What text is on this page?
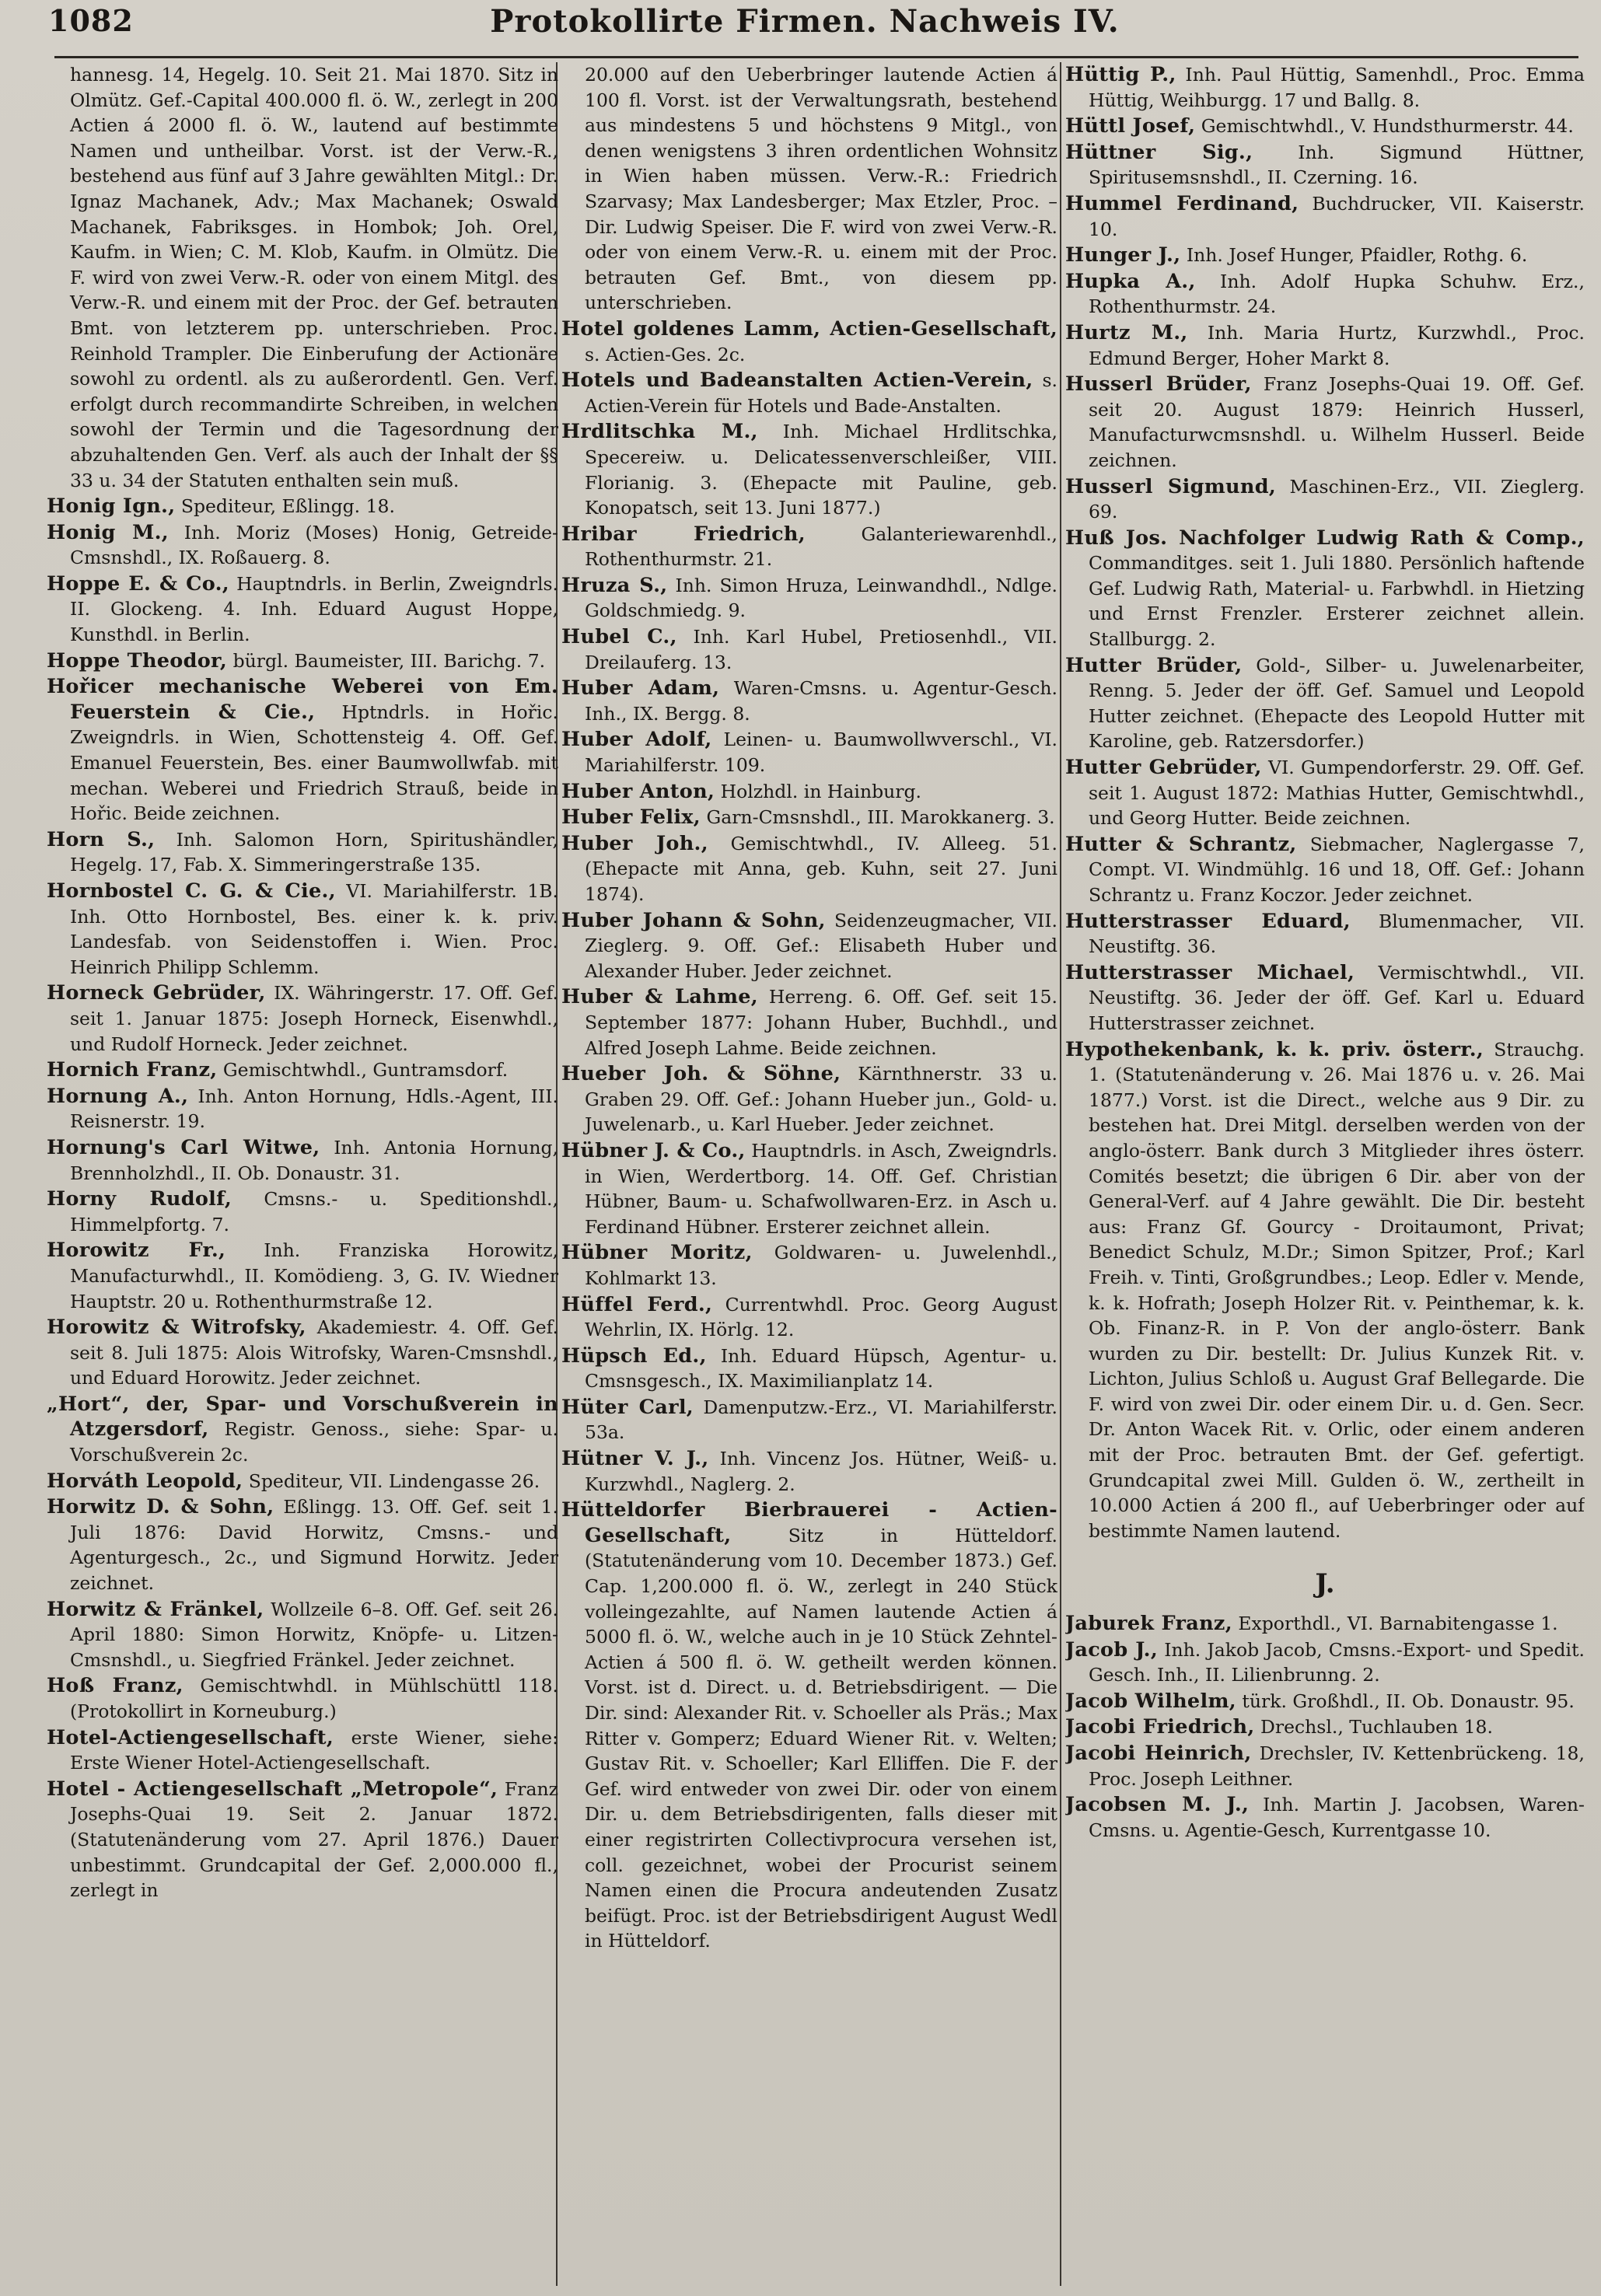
1082	Protokollirte Firmen. Nachweis IV.

hannesg. 14, Hegelg. 10. Seit 21. Mai 1870. Sitz in Olmütz. Gef.-Capital 400.000 fl. ö. W., zerlegt in 200 Actien á 2000 fl. ö. W., lautend auf bestimmte Namen und untheilbar. Vorst. ist der Verw.-R., bestehend aus fünf auf 3 Jahre gewählten Mitgl.: Dr. Ignaz Machanek, Adv.; Max Machanek; Oswald Machanek, Fabriksges. in Hombok; Joh. Orel, Kaufm. in Wien; C. M. Klob, Kaufm. in Olmütz. Die F. wird von zwei Verw.-R. oder von einem Mitgl. des Verw.-R. und einem mit der Proc. der Gef. betrauten Bmt. von letzterem pp. unterschrieben. Proc. Reinhold Trampler. Die Einberufung der Actionäre sowohl zu ordentl. als zu außerordentl. Gen. Verf. erfolgt durch recommandirte Schreiben, in welchen sowohl der Termin und die Tagesordnung der abzuhaltenden Gen. Verf. als auch der Inhalt der §§ 33 u. 34 der Statuten enthalten sein muß.

Honig Ign., Spediteur, Eßlingg. 18.

Honig M., Inh. Moriz (Moses) Honig, Getreide-Cmsnshdl., IX. Roßauerg. 8.

Hoppe E. & Co., Hauptndrls. in Berlin, Zweigndrls. II. Glockeng. 4. Inh. Eduard August Hoppe, Kunsthdl. in Berlin.

Hoppe Theodor, bürgl. Baumeister, III. Barichg. 7.

Hořicer mechanische Weberei von Em. Feuerstein & Cie., Hptndrls. in Hořic. Zweigndrls. in Wien, Schottensteig 4. Off. Gef. Emanuel Feuerstein, Bes. einer Baumwollwfab. mit mechan. Weberei und Friedrich Strauß, beide in Hořic. Beide zeichnen.

Horn S., Inh. Salomon Horn, Spiritushändler, Hegelg. 17, Fab. X. Simmeringerstraße 135.

Hornbostel C. G. & Cie., VI. Mariahilferstr. 1B. Inh. Otto Hornbostel, Bes. einer k. k. priv. Landesfab. von Seidenstoffen i. Wien. Proc. Heinrich Philipp Schlemm.

Horneck Gebrüder, IX. Währingerstr. 17. Off. Gef. seit 1. Januar 1875: Joseph Horneck, Eisenwhdl., und Rudolf Horneck. Jeder zeichnet.

Hornich Franz, Gemischtwhdl., Guntramsdorf.

Hornung A., Inh. Anton Hornung, Hdls.-Agent, III. Reisnerstr. 19.

Hornung's Carl Witwe, Inh. Antonia Hornung, Brennholzhdl., II. Ob. Donaustr. 31.

Horny Rudolf, Cmsns.- u. Speditionshdl., Himmelpfortg. 7.

Horowitz Fr., Inh. Franziska Horowitz, Manufacturwhdl., II. Komödieng. 3, G. IV. Wiedner Hauptstr. 20 u. Rothenthurmstraße 12.

Horowitz & Witrofsky, Akademiestr. 4. Off. Gef. seit 8. Juli 1875: Alois Witrofsky, Waren-Cmsnshdl., und Eduard Horowitz. Jeder zeichnet.

„Hort“, der, Spar- und Vorschußverein in Atzgersdorf, Registr. Genoss., siehe: Spar- u. Vorschußverein 2c.

Horváth Leopold, Spediteur, VII. Lindengasse 26.

Horwitz D. & Sohn, Eßlingg. 13. Off. Gef. seit 1. Juli 1876: David Horwitz, Cmsns.- und Agenturgesch., 2c., und Sigmund Horwitz. Jeder zeichnet.

Horwitz & Fränkel, Wollzeile 6–8. Off. Gef. seit 26. April 1880: Simon Horwitz, Knöpfe- u. Litzen-Cmsnshdl., u. Siegfried Fränkel. Jeder zeichnet.

Hoß Franz, Gemischtwhdl. in Mühlschüttl 118. (Protokollirt in Korneuburg.)

Hotel-Actiengesellschaft, erste Wiener, siehe: Erste Wiener Hotel-Actiengesellschaft.

Hotel - Actiengesellschaft „Metropole“, Franz Josephs-Quai 19. Seit 2. Januar 1872. (Statutenänderung vom 27. April 1876.) Dauer unbestimmt. Grundcapital der Gef. 2,000.000 fl., zerlegt in

20.000 auf den Ueberbringer lautende Actien á 100 fl. Vorst. ist der Verwaltungsrath, bestehend aus mindestens 5 und höchstens 9 Mitgl., von denen wenigstens 3 ihren ordentlichen Wohnsitz in Wien haben müssen. Verw.-R.: Friedrich Szarvasy; Max Landesberger; Max Etzler, Proc. – Dir. Ludwig Speiser. Die F. wird von zwei Verw.-R. oder von einem Verw.-R. u. einem mit der Proc. betrauten Gef. Bmt., von diesem pp. unterschrieben.

Hotel goldenes Lamm, Actien-Gesellschaft, s. Actien-Ges. 2c.

Hotels und Badeanstalten Actien-Verein, s. Actien-Verein für Hotels und Bade-Anstalten.

Hrdlitschka M., Inh. Michael Hrdlitschka, Specereiw. u. Delicatessenverschleißer, VIII. Florianig. 3. (Ehepacte mit Pauline, geb. Konopatsch, seit 13. Juni 1877.)

Hribar Friedrich,	Galanteriewarenhdl., Rothenthurmstr. 21.

Hruza S., Inh. Simon Hruza, Leinwandhdl., Ndlge. Goldschmiedg. 9.

Hubel C., Inh. Karl Hubel, Pretiosenhdl., VII. Dreilauferg. 13.

Huber Adam, Waren-Cmsns. u. Agentur-Gesch. Inh., IX. Bergg. 8.

Huber Adolf, Leinen- u. Baumwollwverschl., VI. Mariahilferstr. 109.

Huber Anton, Holzhdl. in Hainburg.

Huber Felix, Garn-Cmsnshdl., III. Marokkanerg. 3.

Huber Joh., Gemischtwhdl., IV. Alleeg. 51. (Ehepacte mit Anna, geb. Kuhn, seit 27. Juni 1874).

Huber Johann & Sohn, Seidenzeugmacher, VII. Zieglerg. 9. Off. Gef.: Elisabeth Huber und Alexander Huber. Jeder zeichnet.

Huber & Lahme, Herreng. 6. Off. Gef. seit 15. September 1877: Johann Huber, Buchhdl., und Alfred Joseph Lahme. Beide zeichnen.

Hueber Joh. & Söhne, Kärnthnerstr. 33 u. Graben 29. Off. Gef.: Johann Hueber jun., Gold- u. Juwelenarb., u. Karl Hueber. Jeder zeichnet.

Hübner J. & Co., Hauptndrls. in Asch, Zweigndrls. in Wien, Werdertborg. 14. Off. Gef. Christian Hübner, Baum- u. Schafwollwaren-Erz. in Asch u. Ferdinand Hübner. Ersterer zeichnet allein.

Hübner Moritz, Goldwaren- u. Juwelenhdl., Kohlmarkt 13.

Hüffel Ferd., Currentwhdl. Proc. Georg August Wehrlin, IX. Hörlg. 12.

Hüpsch Ed., Inh. Eduard Hüpsch, Agentur- u. Cmsnsgesch., IX. Maximilianplatz 14.

Hüter Carl, Damenputzw.-Erz., VI. Mariahilferstr. 53a.

Hütner V. J., Inh. Vincenz Jos. Hütner, Weiß- u. Kurzwhdl., Naglerg. 2.

Hütteldorfer Bierbrauerei - Actien-Gesellschaft,	Sitz in Hütteldorf. (Statutenänderung vom 10. December 1873.) Gef. Cap. 1,200.000 fl. ö. W., zerlegt in 240 Stück volleingezahlte, auf Namen lautende Actien á 5000 fl. ö. W., welche auch in je 10 Stück Zehntel-Actien á 500 fl. ö. W. getheilt werden können. Vorst. ist d. Direct. u. d. Betriebsdirigent. — Die Dir. sind: Alexander Rit. v. Schoeller als Präs.; Max Ritter v. Gomperz; Eduard Wiener Rit. v. Welten; Gustav Rit. v. Schoeller; Karl Elliffen. Die F. der Gef. wird entweder von zwei Dir. oder von einem Dir. u. dem Betriebsdirigenten, falls dieser mit einer registrirten Collectivprocura versehen ist, coll. gezeichnet, wobei der Procurist seinem Namen einen die Procura andeutenden Zusatz beifügt. Proc. ist der Betriebsdirigent August Wedl in Hütteldorf.

Hüttig P., Inh. Paul Hüttig, Samenhdl., Proc. Emma Hüttig, Weihburgg. 17 und Ballg. 8.

Hüttl Josef, Gemischtwhdl., V. Hundsthurmerstr. 44.

Hüttner Sig., Inh. Sigmund Hüttner, Spiritusemsnshdl., II. Czerning. 16.

Hummel Ferdinand, Buchdrucker, VII. Kaiserstr. 10.

Hunger J., Inh. Josef Hunger, Pfaidler, Rothg. 6.

Hupka A., Inh. Adolf Hupka Schuhw. Erz., Rothenthurmstr. 24.

Hurtz M., Inh. Maria Hurtz, Kurzwhdl., Proc. Edmund Berger, Hoher Markt 8.

Husserl Brüder, Franz Josephs-Quai 19. Off. Gef. seit 20. August 1879: Heinrich Husserl, Manufacturwcmsnshdl. u. Wilhelm Husserl. Beide zeichnen.

Husserl Sigmund, Maschinen-Erz., VII. Zieglerg. 69.

Huß Jos. Nachfolger Ludwig Rath & Comp., Commanditges. seit 1. Juli 1880. Persönlich haftende Gef. Ludwig Rath, Material- u. Farbwhdl. in Hietzing und Ernst Frenzler. Ersterer zeichnet allein. Stallburgg. 2.

Hutter Brüder, Gold-, Silber- u. Juwelenarbeiter, Renng. 5. Jeder der öff. Gef. Samuel und Leopold Hutter zeichnet. (Ehepacte des Leopold Hutter mit Karoline, geb. Ratzersdorfer.)

Hutter Gebrüder, VI. Gumpendorferstr. 29. Off. Gef. seit 1. August 1872: Mathias Hutter, Gemischtwhdl., und Georg Hutter. Beide zeichnen.

Hutter & Schrantz, Siebmacher, Naglergasse 7, Compt. VI. Windmühlg. 16 und 18, Off. Gef.: Johann Schrantz u. Franz Koczor. Jeder zeichnet.

Hutterstrasser Eduard, Blumenmacher, VII. Neustiftg. 36.

Hutterstrasser Michael, Vermischtwhdl., VII. Neustiftg. 36. Jeder der öff. Gef. Karl u. Eduard Hutterstrasser zeichnet.

Hypothekenbank, k. k. priv. österr., Strauchg. 1. (Statutenänderung v. 26. Mai 1876 u. v. 26. Mai 1877.) Vorst. ist die Direct., welche aus 9 Dir. zu bestehen hat. Drei Mitgl. derselben werden von der anglo-österr. Bank durch 3 Mitglieder ihres österr. Comités besetzt; die übrigen 6 Dir. aber von der General-Verf. auf 4 Jahre gewählt. Die Dir. besteht aus: Franz Gf. Gourcy - Droitaumont, Privat; Benedict Schulz, M.Dr.; Simon Spitzer, Prof.; Karl Freih. v. Tinti, Großgrundbes.; Leop. Edler v. Mende, k. k. Hofrath; Joseph Holzer Rit. v. Peinthemar, k. k. Ob. Finanz-R. in P. Von der anglo-österr. Bank wurden zu Dir. bestellt: Dr. Julius Kunzek Rit. v. Lichton, Julius Schloß u. August Graf Bellegarde. Die F. wird von zwei Dir. oder einem Dir. u. d. Gen. Secr. Dr. Anton Wacek Rit. v. Orlic, oder einem anderen mit der Proc. betrauten Bmt. der Gef. gefertigt. Grundcapital zwei Mill. Gulden ö. W., zertheilt in 10.000 Actien á 200 fl., auf Ueberbringer oder auf bestimmte Namen lautend.

J.

Jaburek Franz, Exporthdl., VI. Barnabitengasse 1.

Jacob J., Inh. Jakob Jacob, Cmsns.-Export- und Spedit. Gesch. Inh., II. Lilienbrunng. 2.

Jacob Wilhelm, türk. Großhdl., II. Ob. Donaustr. 95.

Jacobi Friedrich, Drechsl., Tuchlauben 18.

Jacobi Heinrich, Drechsler, IV. Kettenbrückeng. 18, Proc. Joseph Leithner.

Jacobsen M. J., Inh. Martin J. Jacobsen, Waren-Cmsns. u. Agentie-Gesch, Kurrentgasse 10.
